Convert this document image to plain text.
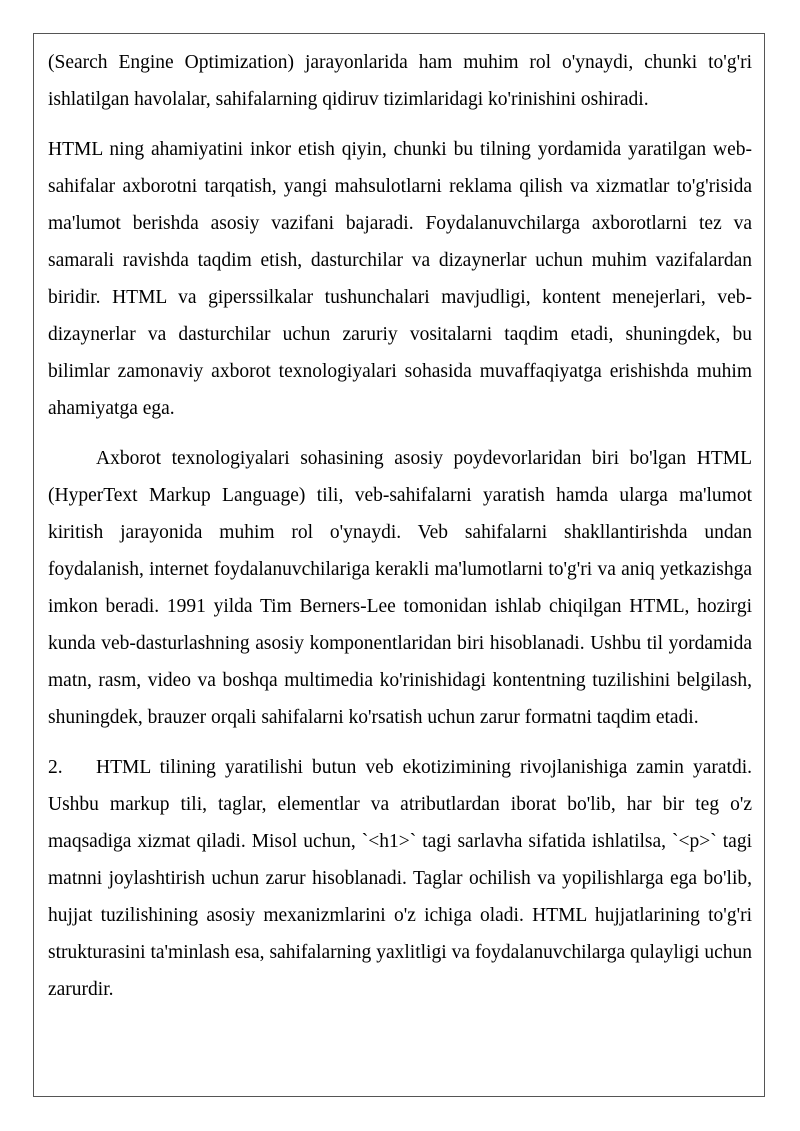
(Search Engine Optimization) jarayonlarida ham muhim rol o'ynaydi, chunki to'g'ri ishlatilgan havolalar, sahifalarning qidiruv tizimlaridagi ko'rinishini oshiradi.

HTML ning ahamiyatini inkor etish qiyin, chunki bu tilning yordamida yaratilgan web-sahifalar axborotni tarqatish, yangi mahsulotlarni reklama qilish va xizmatlar to'g'risida ma'lumot berishda asosiy vazifani bajaradi. Foydalanuvchilarga axborotlarni tez va samarali ravishda taqdim etish, dasturchilar va dizaynerlar uchun muhim vazifalardan biridir. HTML va giperssilkalar tushunchalari mavjudligi, kontent menejerlari, veb-dizaynerlar va dasturchilar uchun zaruriy vositalarni taqdim etadi, shuningdek, bu bilimlar zamonaviy axborot texnologiyalari sohasida muvaffaqiyatga erishishda muhim ahamiyatga ega.

Axborot texnologiyalari sohasining asosiy poydevorlaridan biri bo'lgan HTML (HyperText Markup Language) tili, veb-sahifalarni yaratish hamda ularga ma'lumot kiritish jarayonida muhim rol o'ynaydi. Veb sahifalarni shakllantirishda undan foydalanish, internet foydalanuvchilariga kerakli ma'lumotlarni to'g'ri va aniq yetkazishga imkon beradi. 1991 yilda Tim Berners-Lee tomonidan ishlab chiqilgan HTML, hozirgi kunda veb-dasturlashning asosiy komponentlaridan biri hisoblanadi. Ushbu til yordamida matn, rasm, video va boshqa multimedia ko'rinishidagi kontentning tuzilishini belgilash, shuningdek, brauzer orqali sahifalarni ko'rsatish uchun zarur formatni taqdim etadi.

2. HTML tilining yaratilishi butun veb ekotizimining rivojlanishiga zamin yaratdi. Ushbu markup tili, taglar, elementlar va atributlardan iborat bo'lib, har bir teg o'z maqsadiga xizmat qiladi. Misol uchun, `<h1>` tagi sarlavha sifatida ishlatilsa, `<p>` tagi matnni joylashtirish uchun zarur hisoblanadi. Taglar ochilish va yopilishlarga ega bo'lib, hujjat tuzilishining asosiy mexanizmlarini o'z ichiga oladi. HTML hujjatlarining to'g'ri strukturasini ta'minlash esa, sahifalarning yaxlitligi va foydalanuvchilarga qulayligi uchun zarurdir.
